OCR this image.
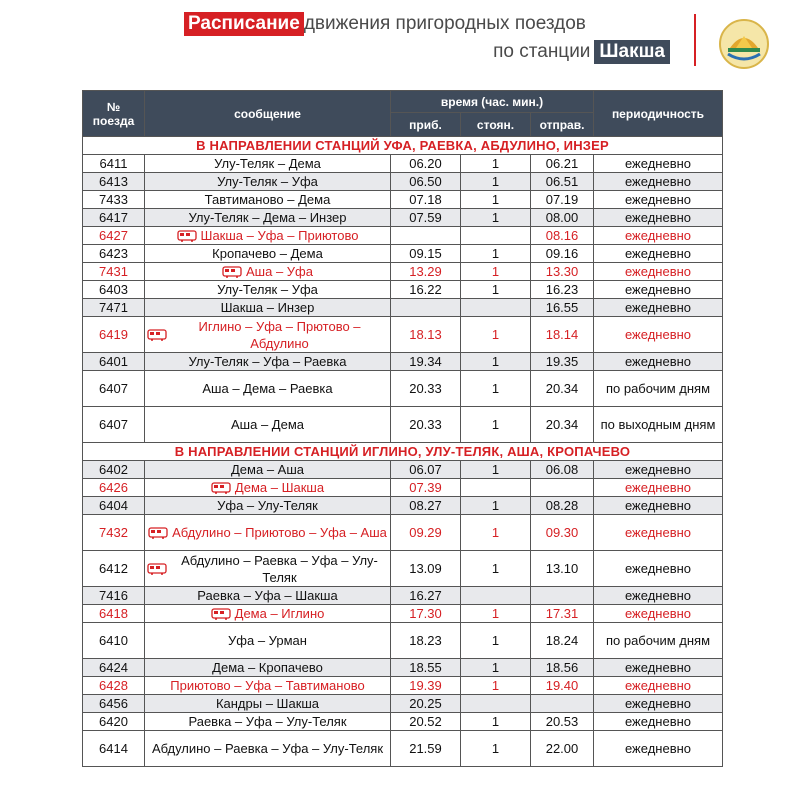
Расписание движения пригородных поездов
по станции Шакша
№ поезда	сообщение	время (час. мин.)			периодичность
		приб.	стоян.	отправ.	
В НАПРАВЛЕНИИ СТАНЦИЙ УФА, РАЕВКА, АБДУЛИНО, ИНЗЕР					
6411	Улу-Теляк – Дема	06.20	1	06.21	ежедневно
6413	Улу-Теляк – Уфа	06.50	1	06.51	ежедневно
7433	Тавтиманово – Дема	07.18	1	07.19	ежедневно
6417	Улу-Теляк – Дема – Инзер	07.59	1	08.00	ежедневно
6427	Шакша – Уфа – Приютово			08.16	ежедневно
6423	Кропачево – Дема	09.15	1	09.16	ежедневно
7431	Аша – Уфа	13.29	1	13.30	ежедневно
6403	Улу-Теляк – Уфа	16.22	1	16.23	ежедневно
7471	Шакша – Инзер			16.55	ежедневно
6419	Иглино – Уфа – Прютово – Абдулино	18.13	1	18.14	ежедневно
6401	Улу-Теляк – Уфа – Раевка	19.34	1	19.35	ежедневно
6407	Аша – Дема – Раевка	20.33	1	20.34	по рабочим дням
6407	Аша – Дема	20.33	1	20.34	по выходным дням
В НАПРАВЛЕНИИ СТАНЦИЙ ИГЛИНО, УЛУ-ТЕЛЯК, АША, КРОПАЧЕВО					
6402	Дема – Аша	06.07	1	06.08	ежедневно
6426	Дема – Шакша	07.39			ежедневно
6404	Уфа – Улу-Теляк	08.27	1	08.28	ежедневно
7432	Абдулино – Приютово – Уфа – Аша	09.29	1	09.30	ежедневно
6412	Абдулино – Раевка – Уфа – Улу-Теляк	13.09	1	13.10	ежедневно
7416	Раевка – Уфа – Шакша	16.27			ежедневно
6418	Дема – Иглино	17.30	1	17.31	ежедневно
6410	Уфа – Урман	18.23	1	18.24	по рабочим дням
6424	Дема – Кропачево	18.55	1	18.56	ежедневно
6428	Приютово – Уфа – Тавтиманово	19.39	1	19.40	ежедневно
6456	Кандры – Шакша	20.25			ежедневно
6420	Раевка – Уфа – Улу-Теляк	20.52	1	20.53	ежедневно
6414	Абдулино – Раевка – Уфа – Улу-Теляк	21.59	1	22.00	ежедневно
